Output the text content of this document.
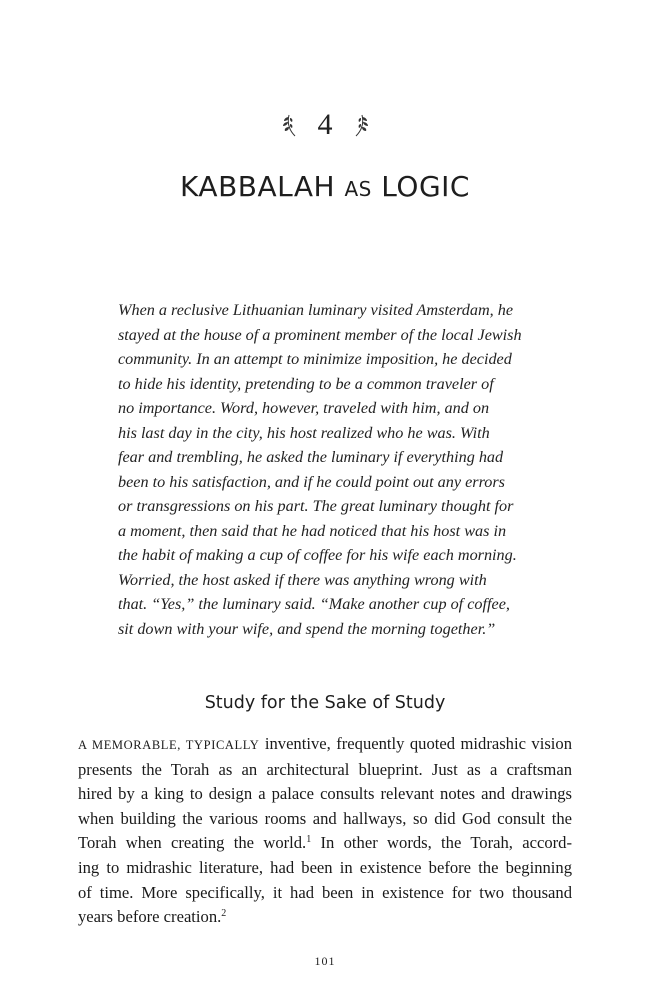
4
KABBALAH AS LOGIC
When a reclusive Lithuanian luminary visited Amsterdam, he
stayed at the house of a prominent member of the local Jewish
community. In an attempt to minimize imposition, he decided
to hide his identity, pretending to be a common traveler of
no importance. Word, however, traveled with him, and on
his last day in the city, his host realized who he was. With
fear and trembling, he asked the luminary if everything had
been to his satisfaction, and if he could point out any errors
or transgressions on his part. The great luminary thought for
a moment, then said that he had noticed that his host was in
the habit of making a cup of coffee for his wife each morning.
Worried, the host asked if there was anything wrong with
that. “Yes,” the luminary said. “Make another cup of coffee,
sit down with your wife, and spend the morning together.”
Study for the Sake of Study
A MEMORABLE, TYPICALLY inventive, frequently quoted midrashic vision
presents the Torah as an architectural blueprint. Just as a craftsman
hired by a king to design a palace consults relevant notes and drawings
when building the various rooms and hallways, so did God consult the
Torah when creating the world.$^1$ In other words, the Torah, accord-
ing to midrashic literature, had been in existence before the beginning
of time. More specifically, it had been in existence for two thousand
years before creation.$^2$
101
